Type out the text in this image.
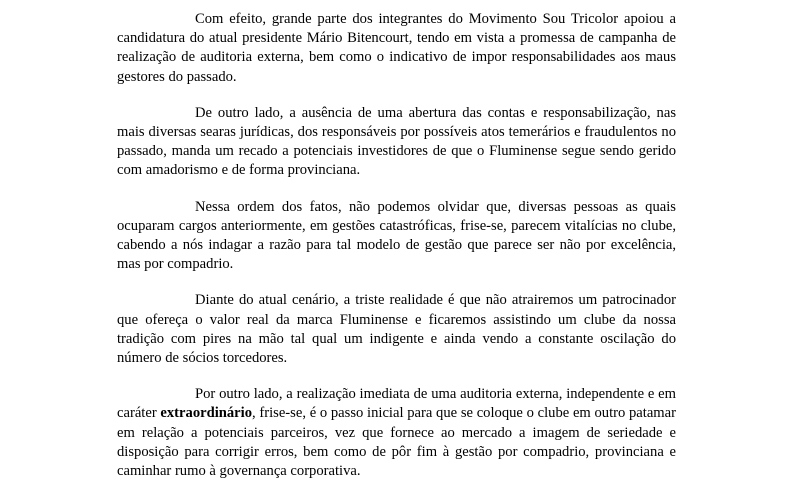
Com efeito, grande parte dos integrantes do Movimento Sou Tricolor apoiou a candidatura do atual presidente Mário Bitencourt, tendo em vista a promessa de campanha de realização de auditoria externa, bem como o indicativo de impor responsabilidades aos maus gestores do passado.

De outro lado, a ausência de uma abertura das contas e responsabilização, nas mais diversas searas jurídicas, dos responsáveis por possíveis atos temerários e fraudulentos no passado, manda um recado a potenciais investidores de que o Fluminense segue sendo gerido com amadorismo e de forma provinciana.

Nessa ordem dos fatos, não podemos olvidar que, diversas pessoas as quais ocuparam cargos anteriormente, em gestões catastróficas, frise-se, parecem vitalícias no clube, cabendo a nós indagar a razão para tal modelo de gestão que parece ser não por excelência, mas por compadrio.

Diante do atual cenário, a triste realidade é que não atrairemos um patrocinador que ofereça o valor real da marca Fluminense e ficaremos assistindo um clube da nossa tradição com pires na mão tal qual um indigente e ainda vendo a constante oscilação do número de sócios torcedores.

Por outro lado, a realização imediata de uma auditoria externa, independente e em caráter extraordinário, frise-se, é o passo inicial para que se coloque o clube em outro patamar em relação a potenciais parceiros, vez que fornece ao mercado a imagem de seriedade e disposição para corrigir erros, bem como de pôr fim à gestão por compadrio, provinciana e caminhar rumo à governança corporativa.
